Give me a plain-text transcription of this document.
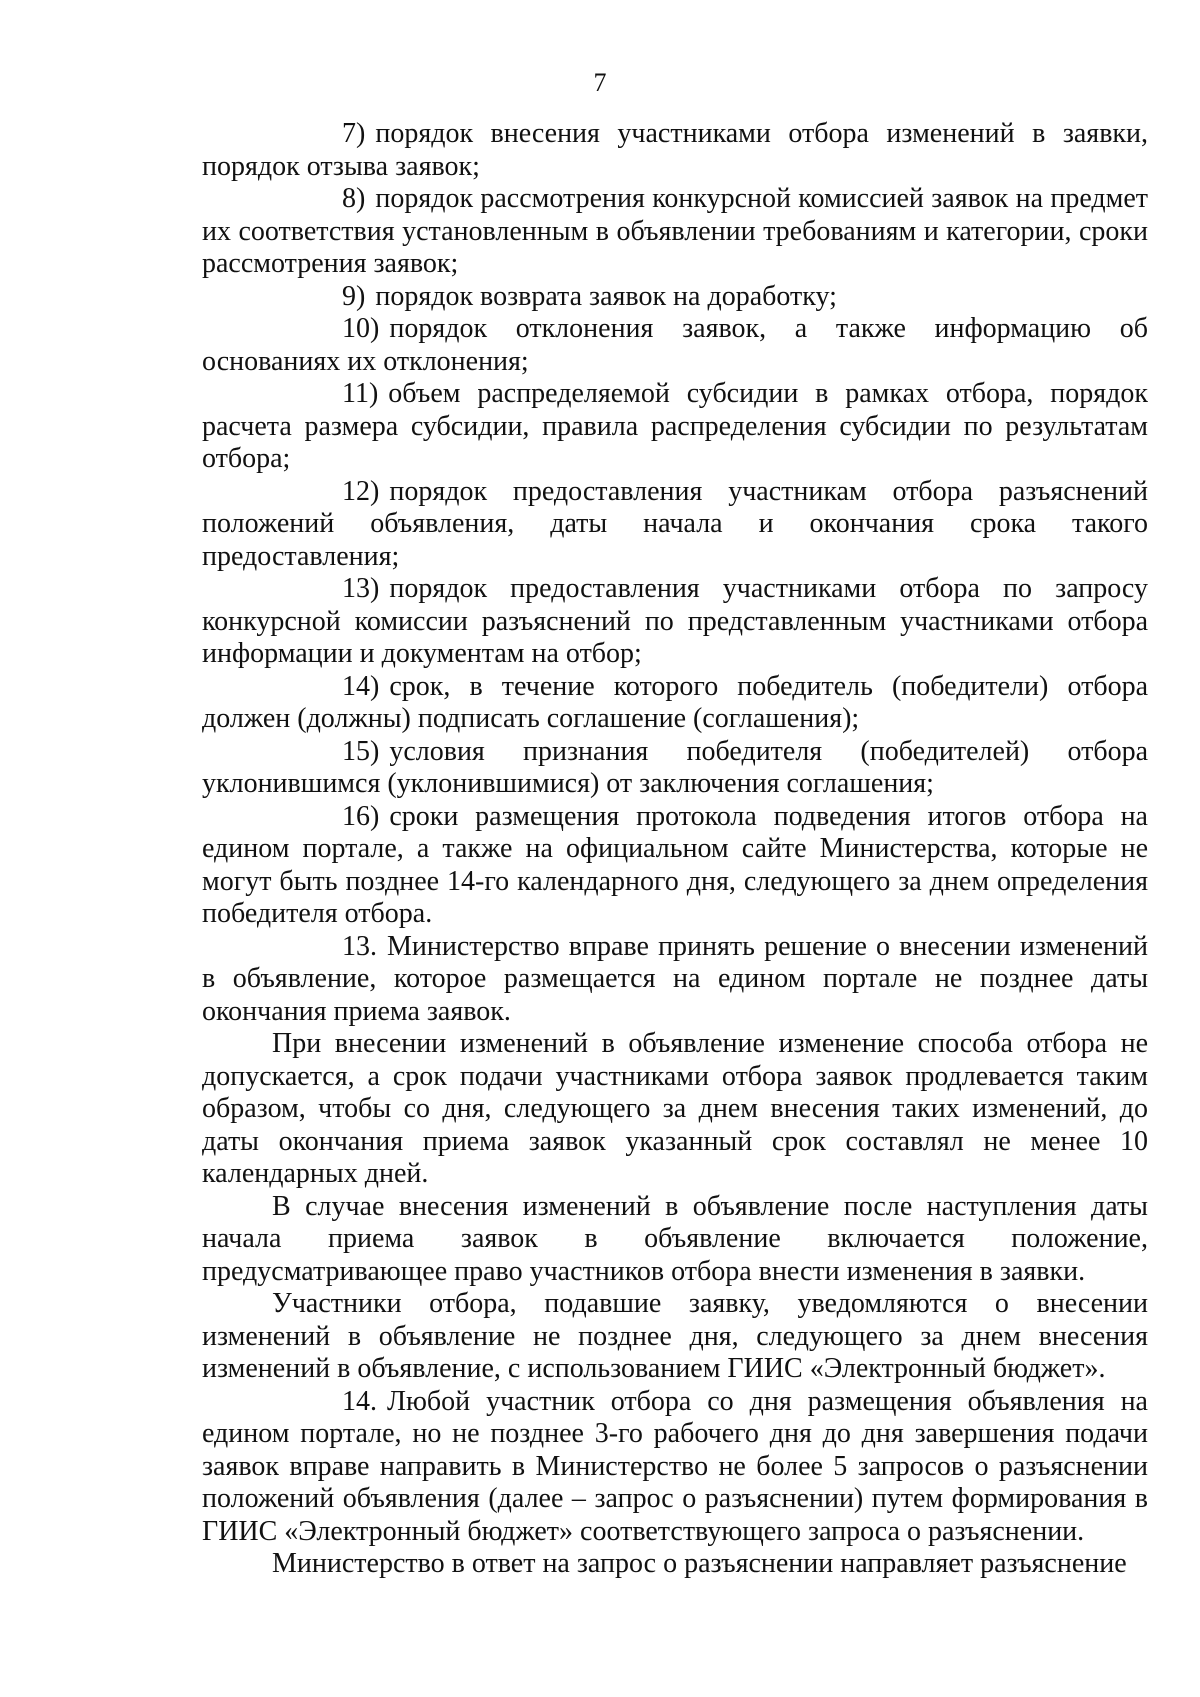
7

7) порядок внесения участниками отбора изменений в заявки, порядок отзыва заявок;

8) порядок рассмотрения конкурсной комиссией заявок на предмет их соответствия установленным в объявлении требованиям и категории, сроки рассмотрения заявок;

9) порядок возврата заявок на доработку;

10) порядок отклонения заявок, а также информацию об основаниях их отклонения;

11) объем распределяемой субсидии в рамках отбора, порядок расчета размера субсидии, правила распределения субсидии по результатам отбора;

12) порядок предоставления участникам отбора разъяснений положений объявления, даты начала и окончания срока такого предоставления;

13) порядок предоставления участниками отбора по запросу конкурсной комиссии разъяснений по представленным участниками отбора информации и документам на отбор;

14) срок, в течение которого победитель (победители) отбора должен (должны) подписать соглашение (соглашения);

15) условия признания победителя (победителей) отбора уклонившимся (уклонившимися) от заключения соглашения;

16) сроки размещения протокола подведения итогов отбора на едином портале, а также на официальном сайте Министерства, которые не могут быть позднее 14-го календарного дня, следующего за днем определения победителя отбора.

13. Министерство вправе принять решение о внесении изменений в объявление, которое размещается на едином портале не позднее даты окончания приема заявок.

При внесении изменений в объявление изменение способа отбора не допускается, а срок подачи участниками отбора заявок продлевается таким образом, чтобы со дня, следующего за днем внесения таких изменений, до даты окончания приема заявок указанный срок составлял не менее 10 календарных дней.

В случае внесения изменений в объявление после наступления даты начала приема заявок в объявление включается положение, предусматривающее право участников отбора внести изменения в заявки.

Участники отбора, подавшие заявку, уведомляются о внесении изменений в объявление не позднее дня, следующего за днем внесения изменений в объявление, с использованием ГИИС «Электронный бюджет».

14. Любой участник отбора со дня размещения объявления на едином портале, но не позднее 3-го рабочего дня до дня завершения подачи заявок вправе направить в Министерство не более 5 запросов о разъяснении положений объявления (далее – запрос о разъяснении) путем формирования в ГИИС «Электронный бюджет» соответствующего запроса о разъяснении.

Министерство в ответ на запрос о разъяснении направляет разъяснение
